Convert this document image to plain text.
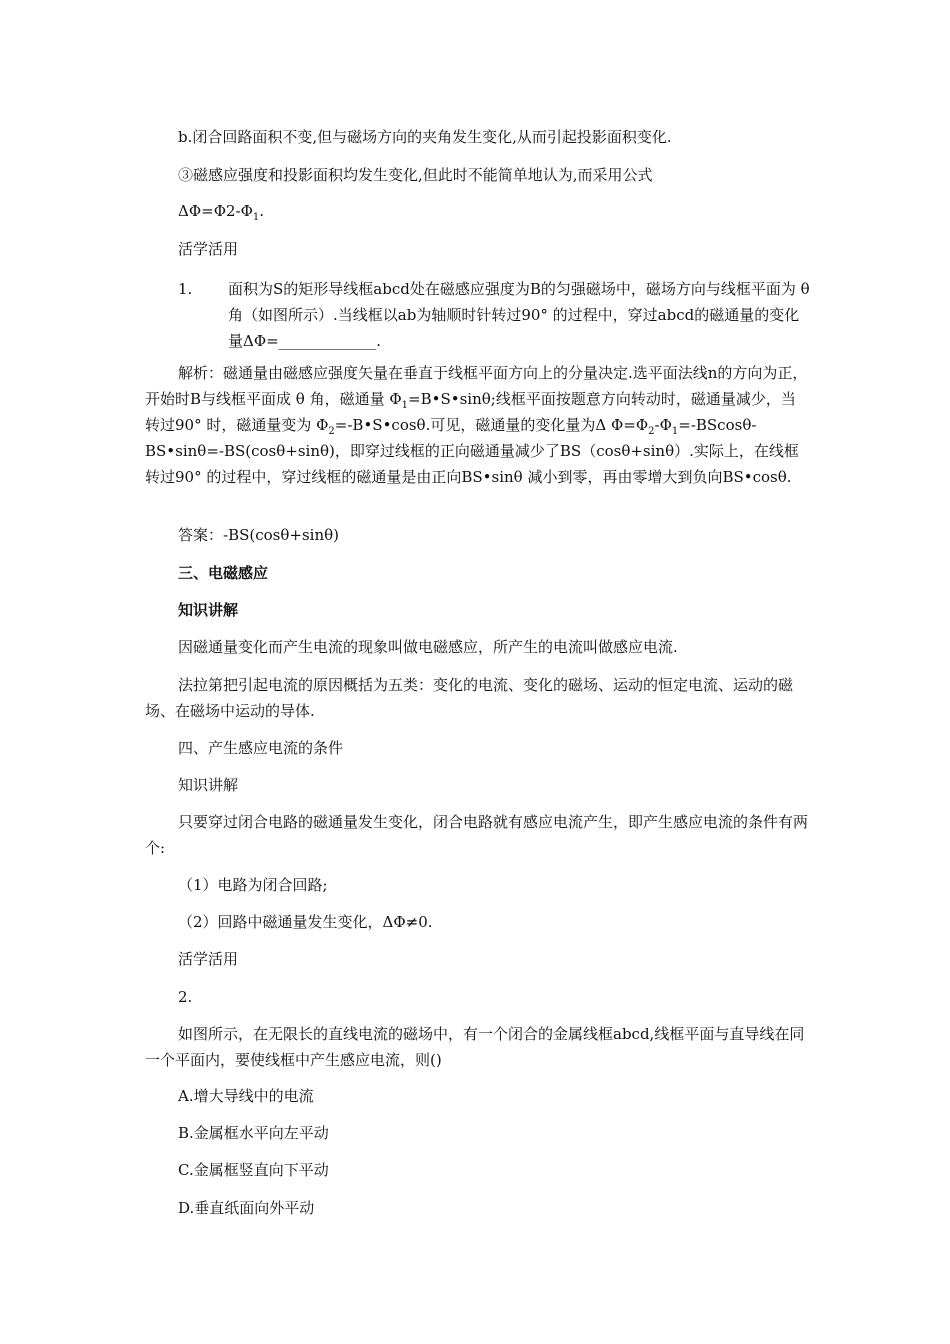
b.闭合回路面积不变,但与磁场方向的夹角发生变化,从而引起投影面积变化.

③磁感应强度和投影面积均发生变化,但此时不能简单地认为,而采用公式

$\Delta\Phi=\Phi 2-\Phi_1$.

活学活用

1. 面积为S的矩形导线框abcd处在磁感应强度为B的匀强磁场中，磁场方向与线框平面为 θ 角（如图所示）.当线框以ab为轴顺时针转过90° 的过程中，穿过abcd的磁通量的变化量ΔΦ=_____________.

解析：磁通量由磁感应强度矢量在垂直于线框平面方向上的分量决定.选平面法线n的方向为正，开始时B与线框平面成 θ 角，磁通量 $\Phi_1=B•S•\sin\theta$;线框平面按题意方向转动时，磁通量减少，当转过90° 时，磁通量变为 $\Phi_2=-B•S•\cos\theta$.可见，磁通量的变化量为Δ $\Phi=\Phi_2-\Phi_1=-BScos\theta-BS•\sin\theta=-BS(\cos\theta+\sin\theta)$，即穿过线框的正向磁通量减少了BS（cosθ+sinθ）.实际上，在线框转过90° 的过程中，穿过线框的磁通量是由正向BS•sinθ 减小到零，再由零增大到负向BS•cosθ.

答案：-BS(cosθ+sinθ)

三、电磁感应

知识讲解

因磁通量变化而产生电流的现象叫做电磁感应，所产生的电流叫做感应电流.

法拉第把引起电流的原因概括为五类：变化的电流、变化的磁场、运动的恒定电流、运动的磁场、在磁场中运动的导体.

四、产生感应电流的条件

知识讲解

只要穿过闭合电路的磁通量发生变化，闭合电路就有感应电流产生，即产生感应电流的条件有两个:

（1）电路为闭合回路;

（2）回路中磁通量发生变化，ΔΦ≠0.

活学活用

2.

如图所示，在无限长的直线电流的磁场中，有一个闭合的金属线框abcd,线框平面与直导线在同一个平面内，要使线框中产生感应电流，则()

A.增大导线中的电流

B.金属框水平向左平动

C.金属框竖直向下平动

D.垂直纸面向外平动
